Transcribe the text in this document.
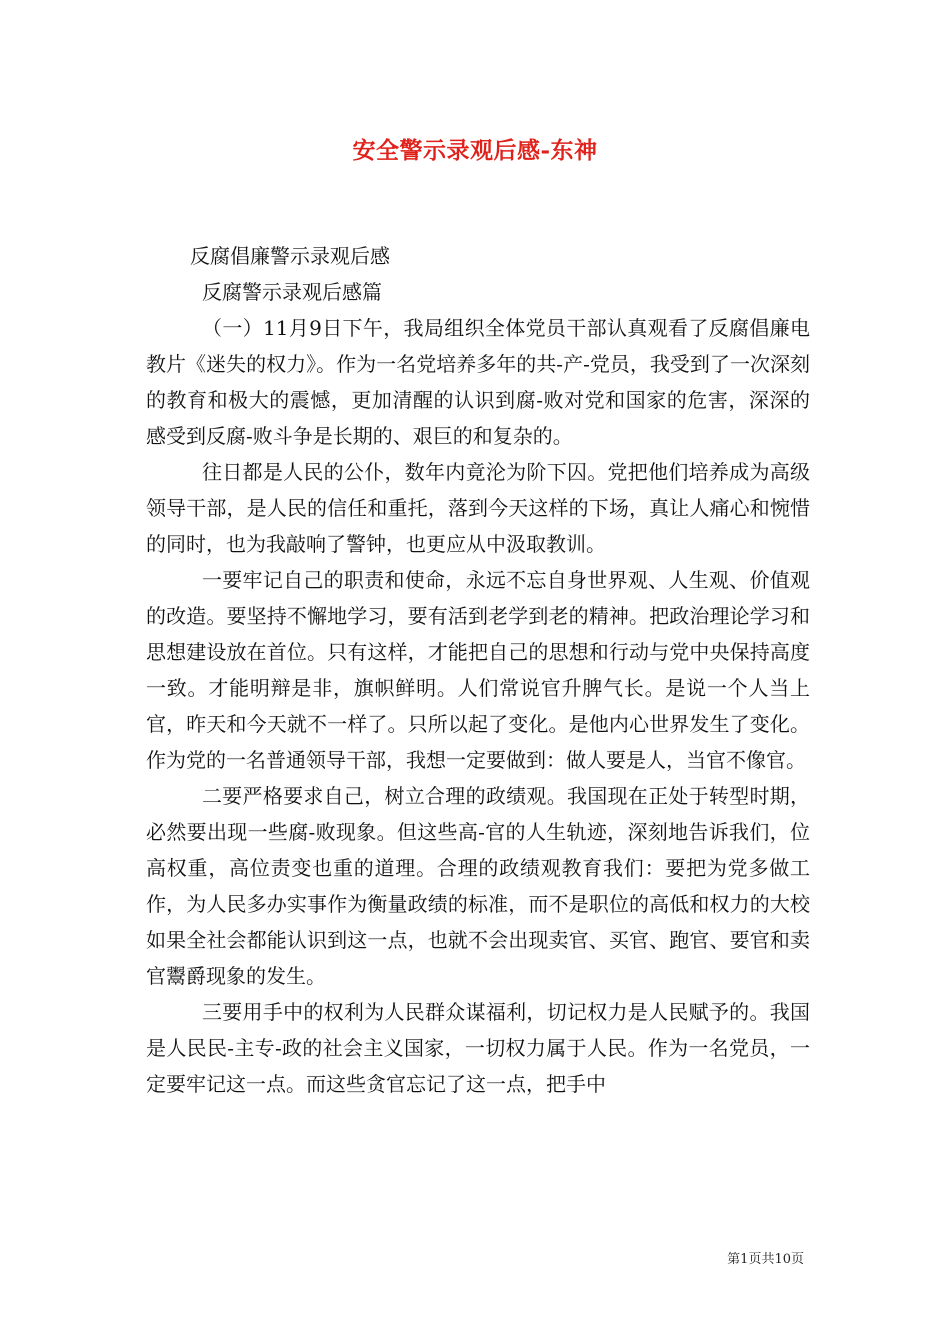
安全警示录观后感-东神
反腐倡廉警示录观后感
反腐警示录观后感篇

（一）11月9日下午，我局组织全体党员干部认真观看了反腐倡廉电教片《迷失的权力》。作为一名党培养多年的共-产-党员，我受到了一次深刻的教育和极大的震憾，更加清醒的认识到腐-败对党和国家的危害，深深的感受到反腐-败斗争是长期的、艰巨的和复杂的。

往日都是人民的公仆，数年内竟沦为阶下囚。党把他们培养成为高级领导干部，是人民的信任和重托，落到今天这样的下场，真让人痛心和惋惜的同时，也为我敲响了警钟，也更应从中汲取教训。

一要牢记自己的职责和使命，永远不忘自身世界观、人生观、价值观的改造。要坚持不懈地学习，要有活到老学到老的精神。把政治理论学习和思想建设放在首位。只有这样，才能把自己的思想和行动与党中央保持高度一致。才能明辩是非，旗帜鲜明。人们常说官升脾气长。是说一个人当上官，昨天和今天就不一样了。只所以起了变化。是他内心世界发生了变化。作为党的一名普通领导干部，我想一定要做到：做人要是人，当官不像官。

二要严格要求自己，树立合理的政绩观。我国现在正处于转型时期，必然要出现一些腐-败现象。但这些高-官的人生轨迹，深刻地告诉我们，位高权重，高位责变也重的道理。合理的政绩观教育我们：要把为党多做工作，为人民多办实事作为衡量政绩的标准，而不是职位的高低和权力的大校如果全社会都能认识到这一点，也就不会出现卖官、买官、跑官、要官和卖官鬻爵现象的发生。

三要用手中的权利为人民群众谋福利，切记权力是人民赋予的。我国是人民民-主专-政的社会主义国家，一切权力属于人民。作为一名党员，一定要牢记这一点。而这些贪官忘记了这一点，把手中

第1页共10页
